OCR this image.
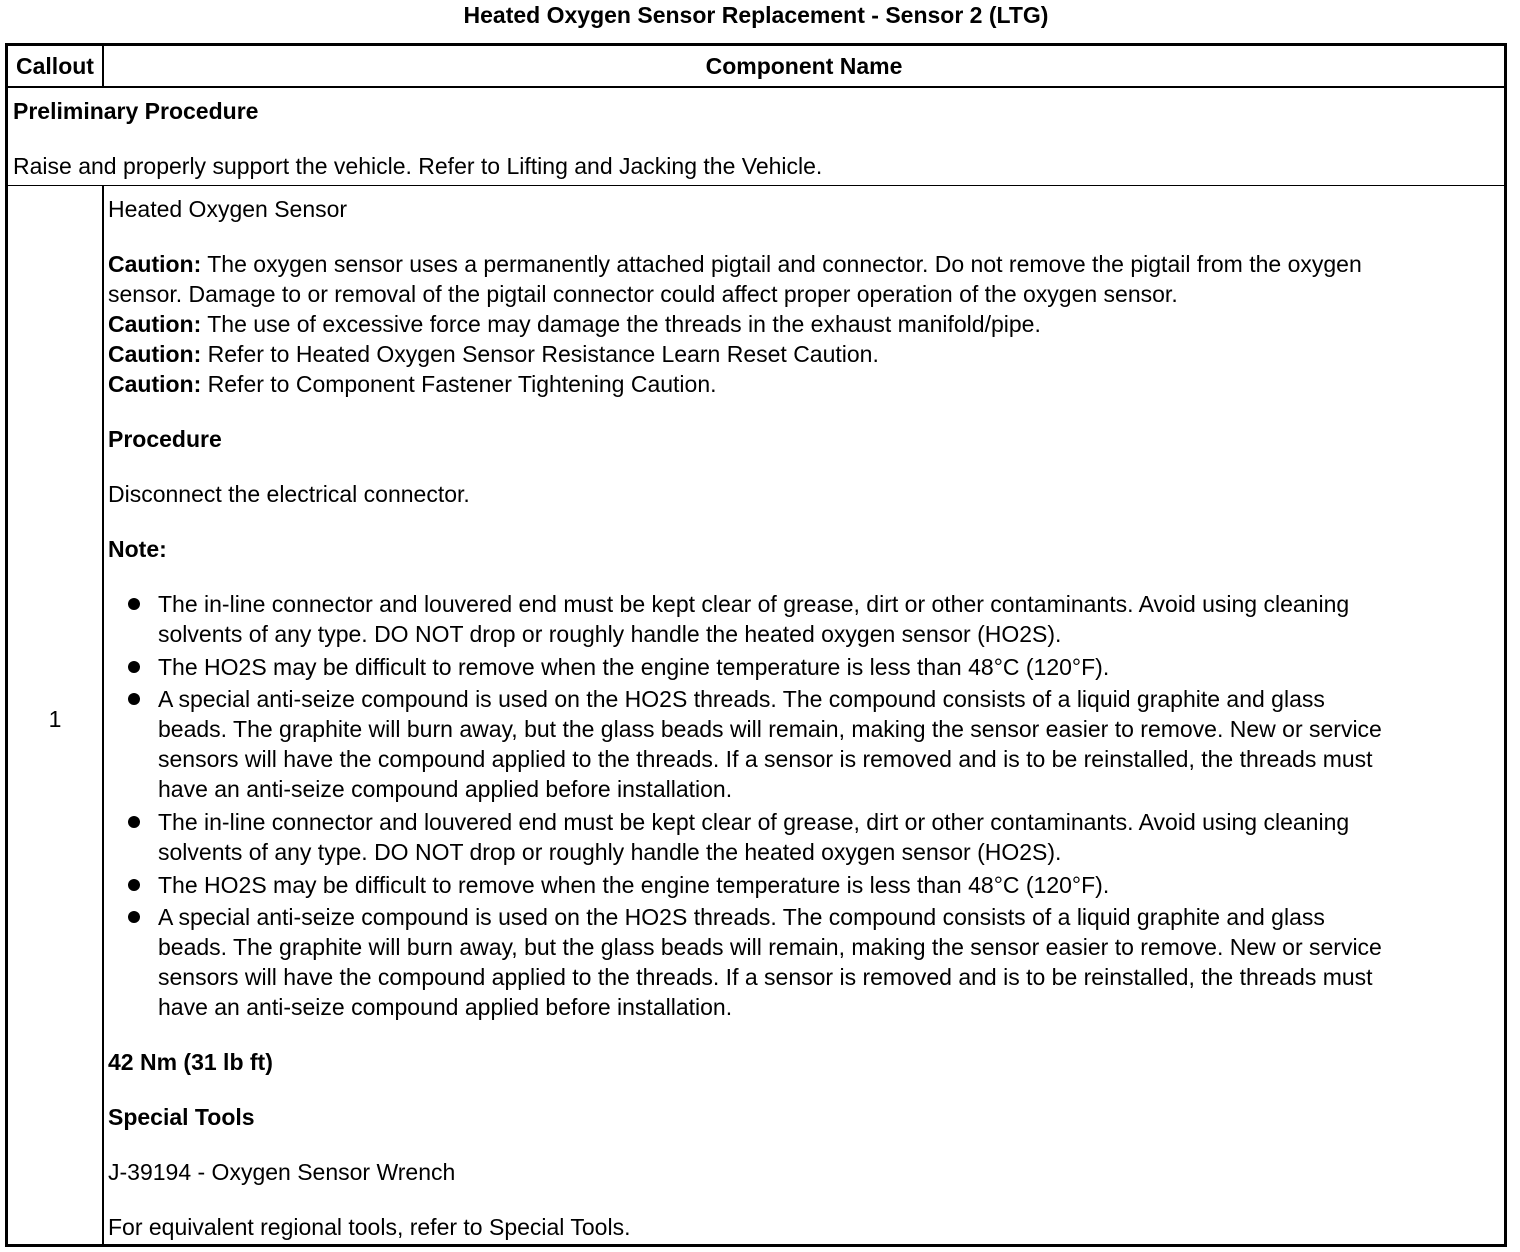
Heated Oxygen Sensor Replacement - Sensor 2 (LTG)
Callout	Component Name
Preliminary Procedure
Raise and properly support the vehicle. Refer to Lifting and Jacking the Vehicle.
1
Heated Oxygen Sensor
Caution: The oxygen sensor uses a permanently attached pigtail and connector. Do not remove the pigtail from the oxygen
sensor. Damage to or removal of the pigtail connector could affect proper operation of the oxygen sensor.
Caution: The use of excessive force may damage the threads in the exhaust manifold/pipe.
Caution: Refer to Heated Oxygen Sensor Resistance Learn Reset Caution.
Caution: Refer to Component Fastener Tightening Caution.
Procedure
Disconnect the electrical connector.
Note:
The in-line connector and louvered end must be kept clear of grease, dirt or other contaminants. Avoid using cleaning
solvents of any type. DO NOT drop or roughly handle the heated oxygen sensor (HO2S).
The HO2S may be difficult to remove when the engine temperature is less than 48°C (120°F).
A special anti-seize compound is used on the HO2S threads. The compound consists of a liquid graphite and glass
beads. The graphite will burn away, but the glass beads will remain, making the sensor easier to remove. New or service
sensors will have the compound applied to the threads. If a sensor is removed and is to be reinstalled, the threads must
have an anti-seize compound applied before installation.
The in-line connector and louvered end must be kept clear of grease, dirt or other contaminants. Avoid using cleaning
solvents of any type. DO NOT drop or roughly handle the heated oxygen sensor (HO2S).
The HO2S may be difficult to remove when the engine temperature is less than 48°C (120°F).
A special anti-seize compound is used on the HO2S threads. The compound consists of a liquid graphite and glass
beads. The graphite will burn away, but the glass beads will remain, making the sensor easier to remove. New or service
sensors will have the compound applied to the threads. If a sensor is removed and is to be reinstalled, the threads must
have an anti-seize compound applied before installation.
42 Nm (31 lb ft)
Special Tools
J-39194 - Oxygen Sensor Wrench
For equivalent regional tools, refer to Special Tools.
